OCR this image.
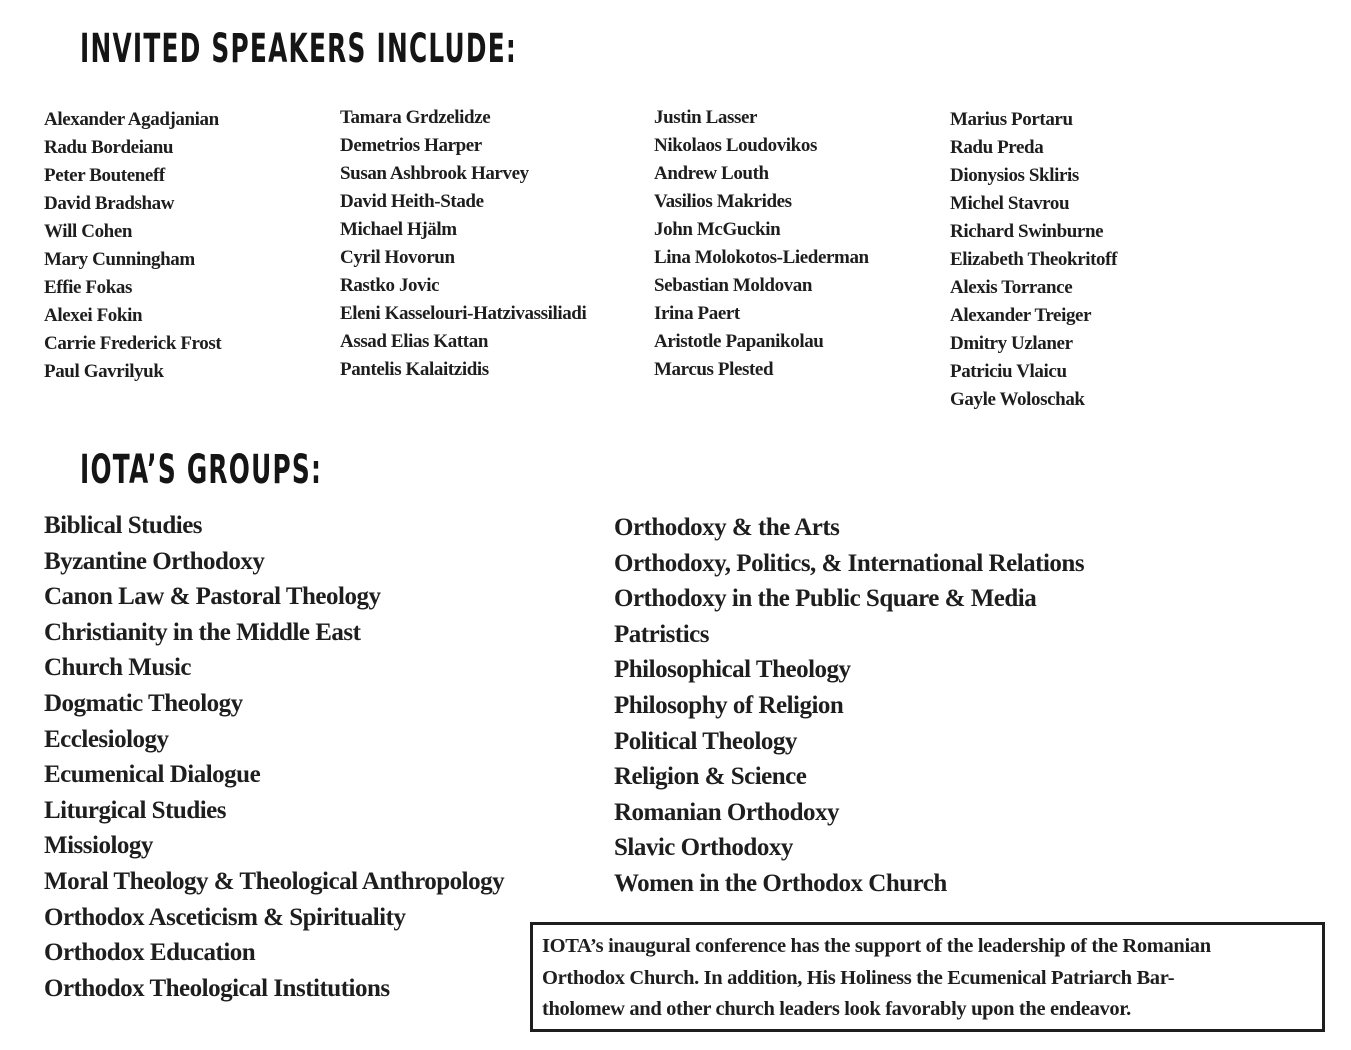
INVITED SPEAKERS INCLUDE:
Alexander Agadjanian
Radu Bordeianu
Peter Bouteneff
David Bradshaw
Will Cohen
Mary Cunningham
Effie Fokas
Alexei Fokin
Carrie Frederick Frost
Paul Gavrilyuk
Tamara Grdzelidze
Demetrios Harper
Susan Ashbrook Harvey
David Heith-Stade
Michael Hjälm
Cyril Hovorun
Rastko Jovic
Eleni Kasselouri-Hatzivassiliadi
Assad Elias Kattan
Pantelis Kalaitzidis
Justin Lasser
Nikolaos Loudovikos
Andrew Louth
Vasilios Makrides
John McGuckin
Lina Molokotos-Liederman
Sebastian Moldovan
Irina Paert
Aristotle Papanikolau
Marcus Plested
Marius Portaru
Radu Preda
Dionysios Skliris
Michel Stavrou
Richard Swinburne
Elizabeth Theokritoff
Alexis Torrance
Alexander Treiger
Dmitry Uzlaner
Patriciu Vlaicu
Gayle Woloschak
IOTA’S GROUPS:
Biblical Studies
Byzantine Orthodoxy
Canon Law & Pastoral Theology
Christianity in the Middle East
Church Music
Dogmatic Theology
Ecclesiology
Ecumenical Dialogue
Liturgical Studies
Missiology
Moral Theology & Theological Anthropology
Orthodox Asceticism & Spirituality
Orthodox Education
Orthodox Theological Institutions
Orthodoxy & the Arts
Orthodoxy, Politics, & International Relations
Orthodoxy in the Public Square & Media
Patristics
Philosophical Theology
Philosophy of Religion
Political Theology
Religion & Science
Romanian Orthodoxy
Slavic Orthodoxy
Women in the Orthodox Church

IOTA’s inaugural conference has the support of the leadership of the Romanian
Orthodox Church. In addition, His Holiness the Ecumenical Patriarch Bar-
tholomew and other church leaders look favorably upon the endeavor.
